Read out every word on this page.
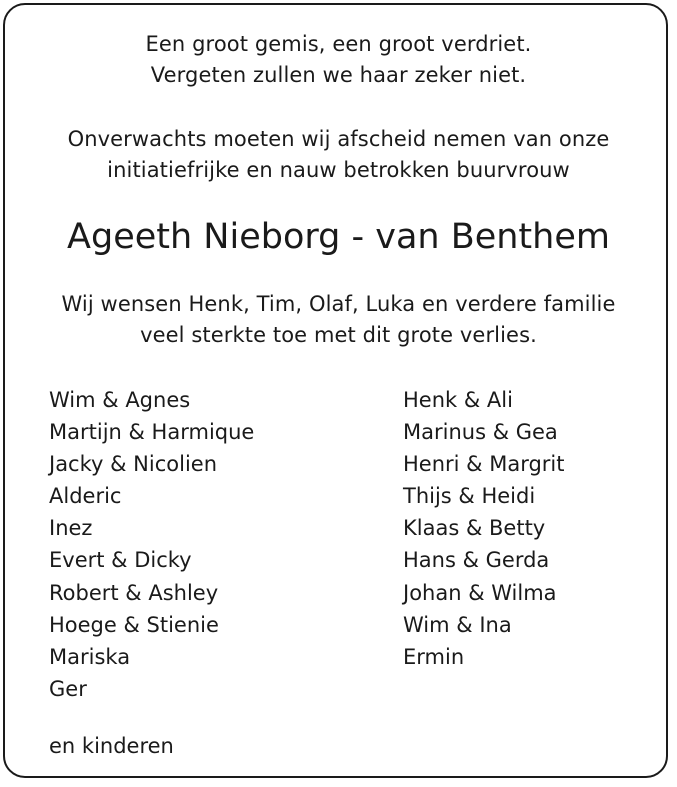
Een groot gemis, een groot verdriet.
Vergeten zullen we haar zeker niet.
Onverwachts moeten wij afscheid nemen van onze
initiatiefrijke en nauw betrokken buurvrouw
Ageeth Nieborg - van Benthem
Wij wensen Henk, Tim, Olaf, Luka en verdere familie
veel sterkte toe met dit grote verlies.
Wim & Agnes
Martijn & Harmique
Jacky & Nicolien
Alderic
Inez
Evert & Dicky
Robert & Ashley
Hoege & Stienie
Mariska
Ger
Henk & Ali
Marinus & Gea
Henri & Margrit
Thijs & Heidi
Klaas & Betty
Hans & Gerda
Johan & Wilma
Wim & Ina
Ermin
en kinderen
